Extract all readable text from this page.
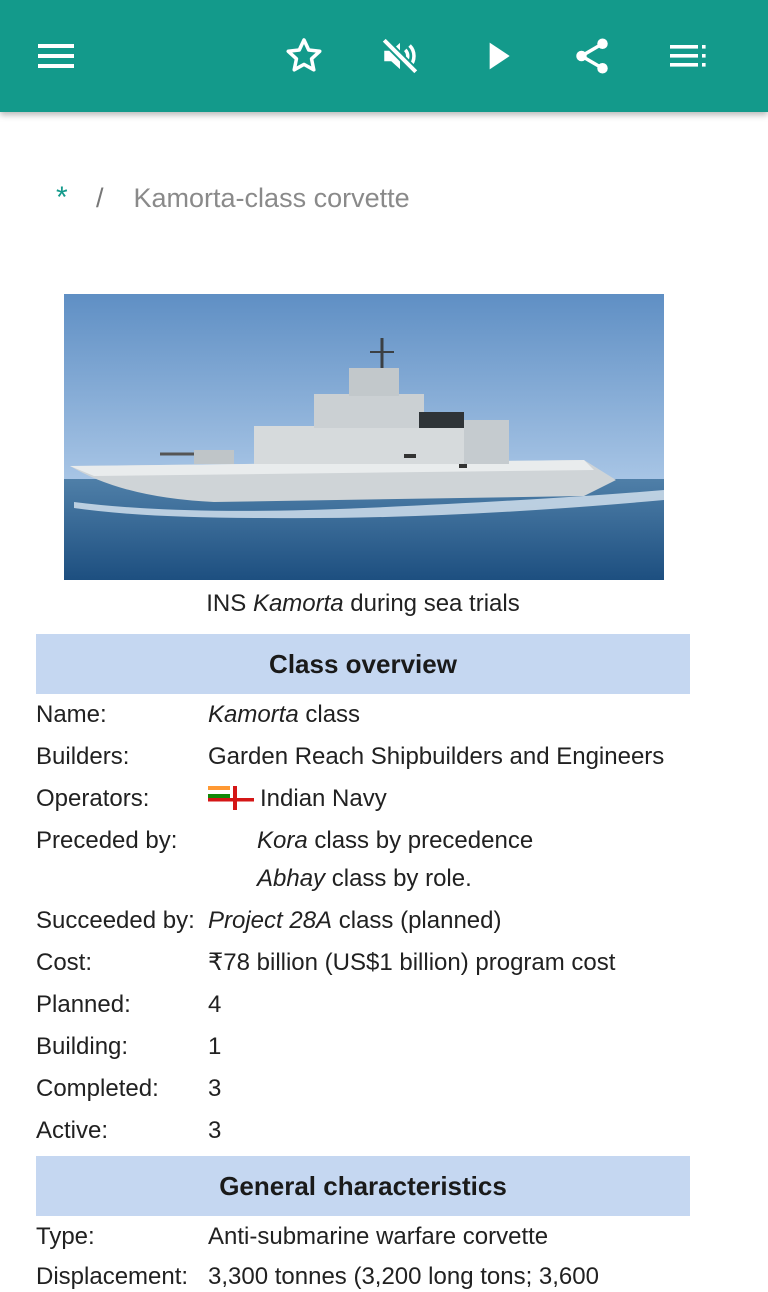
*	/ Kamorta-class corvette
INS Kamorta during sea trials
Class overview
Name:	Kamorta class
Builders:	Garden Reach Shipbuilders and Engineers
Operators:	Indian Navy
Preceded by:	Kora class by precedence
Abhay class by role.
Succeeded by: Project 28A class (planned)
Cost:	₹78 billion (US$1 billion) program cost
Planned:	4
Building:	1
Completed: 3
Active:	3
General characteristics
Type:	Anti-submarine warfare corvette
Displacement: 3,300 tonnes (3,200 long tons; 3,600
